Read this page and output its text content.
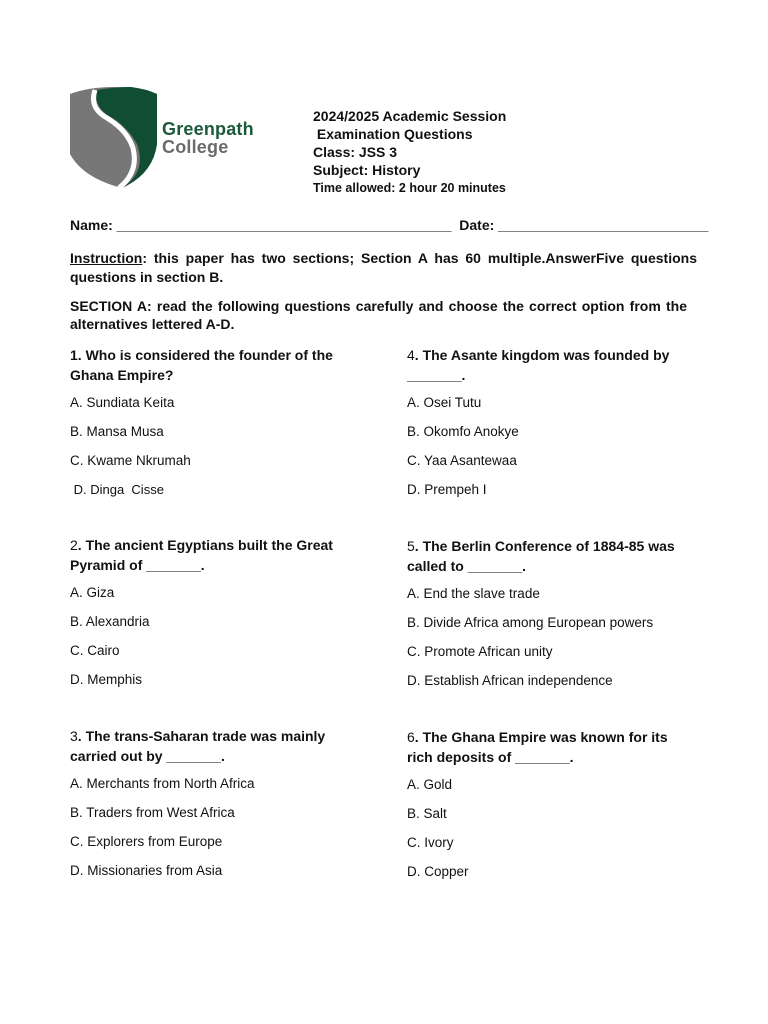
Greenpath
College
2024/2025 Academic Session
Examination Questions
Class: JSS 3
Subject: History
Time allowed: 2 hour 20 minutes
Name: ___________________________________________  Date: ___________________________
Instruction: this paper has two sections; Section A has 60 multiple.AnswerFive questions questions in section B.
SECTION A: read the following questions carefully and choose the correct option from the alternatives lettered A-D.
1. Who is considered the founder of the Ghana Empire?
A. Sundiata Keita
B. Mansa Musa
C. Kwame Nkrumah
D. Dinga  Cisse
2. The ancient Egyptians built the Great Pyramid of _______.
A. Giza
B. Alexandria
C. Cairo
D. Memphis
3. The trans-Saharan trade was mainly carried out by _______.
A. Merchants from North Africa
B. Traders from West Africa
C. Explorers from Europe
D. Missionaries from Asia
4. The Asante kingdom was founded by _______.
A. Osei Tutu
B. Okomfo Anokye
C. Yaa Asantewaa
D. Prempeh I
5. The Berlin Conference of 1884-85 was called to _______.
A. End the slave trade
B. Divide Africa among European powers
C. Promote African unity
D. Establish African independence
6. The Ghana Empire was known for its rich deposits of _______.
A. Gold
B. Salt
C. Ivory
D. Copper
